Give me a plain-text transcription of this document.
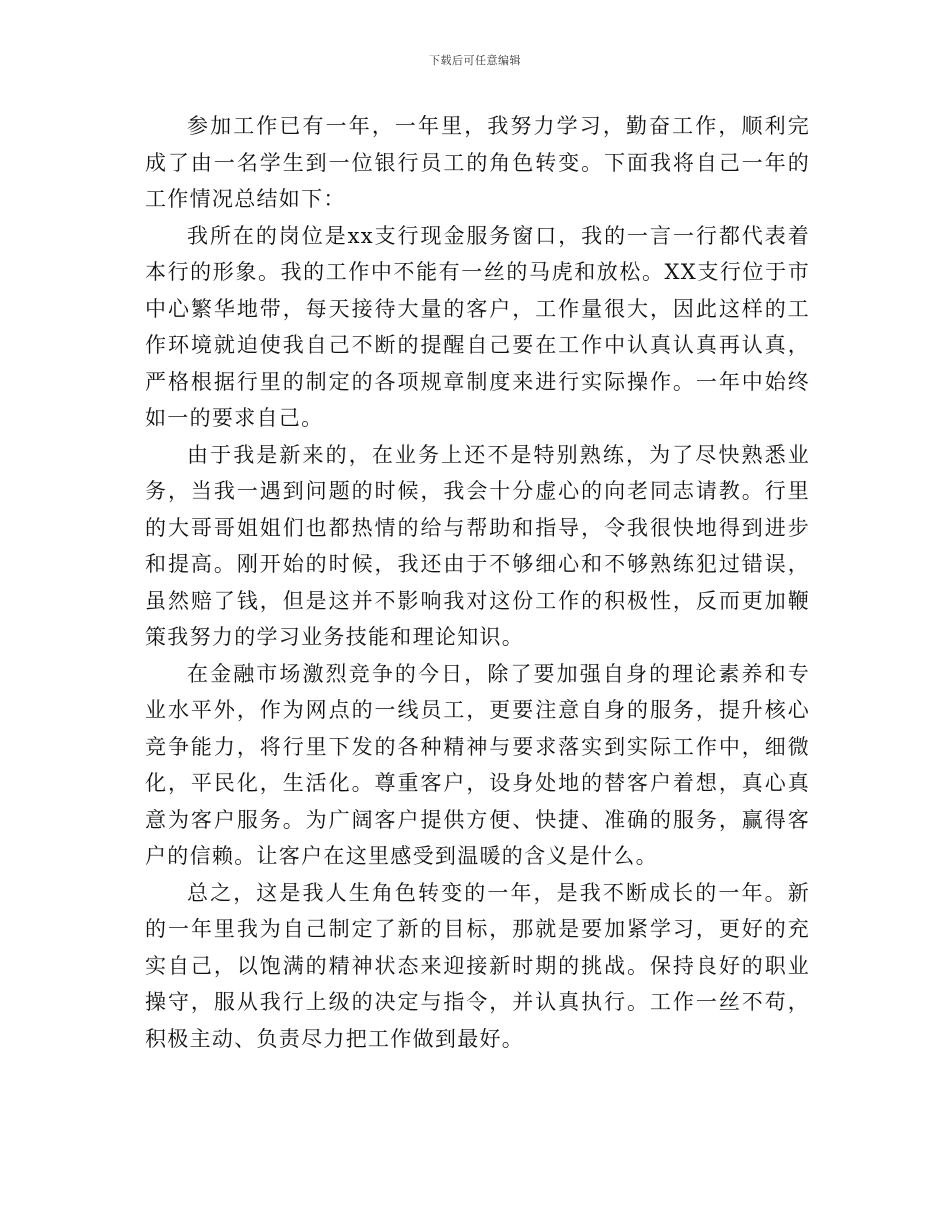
下载后可任意编辑

参加工作已有一年，一年里，我努力学习，勤奋工作，顺利完成了由一名学生到一位银行员工的角色转变。下面我将自己一年的工作情况总结如下：

我所在的岗位是xx支行现金服务窗口，我的一言一行都代表着本行的形象。我的工作中不能有一丝的马虎和放松。XX支行位于市中心繁华地带，每天接待大量的客户，工作量很大，因此这样的工作环境就迫使我自己不断的提醒自己要在工作中认真认真再认真，严格根据行里的制定的各项规章制度来进行实际操作。一年中始终如一的要求自己。

由于我是新来的，在业务上还不是特别熟练，为了尽快熟悉业务，当我一遇到问题的时候，我会十分虚心的向老同志请教。行里的大哥哥姐姐们也都热情的给与帮助和指导，令我很快地得到进步和提高。刚开始的时候，我还由于不够细心和不够熟练犯过错误，虽然赔了钱，但是这并不影响我对这份工作的积极性，反而更加鞭策我努力的学习业务技能和理论知识。

在金融市场激烈竞争的今日，除了要加强自身的理论素养和专业水平外，作为网点的一线员工，更要注意自身的服务，提升核心竞争能力，将行里下发的各种精神与要求落实到实际工作中，细微化，平民化，生活化。尊重客户，设身处地的替客户着想，真心真意为客户服务。为广阔客户提供方便、快捷、准确的服务，赢得客户的信赖。让客户在这里感受到温暖的含义是什么。

总之，这是我人生角色转变的一年，是我不断成长的一年。新的一年里我为自己制定了新的目标，那就是要加紧学习，更好的充实自己，以饱满的精神状态来迎接新时期的挑战。保持良好的职业操守，服从我行上级的决定与指令，并认真执行。工作一丝不苟，积极主动、负责尽力把工作做到最好。
